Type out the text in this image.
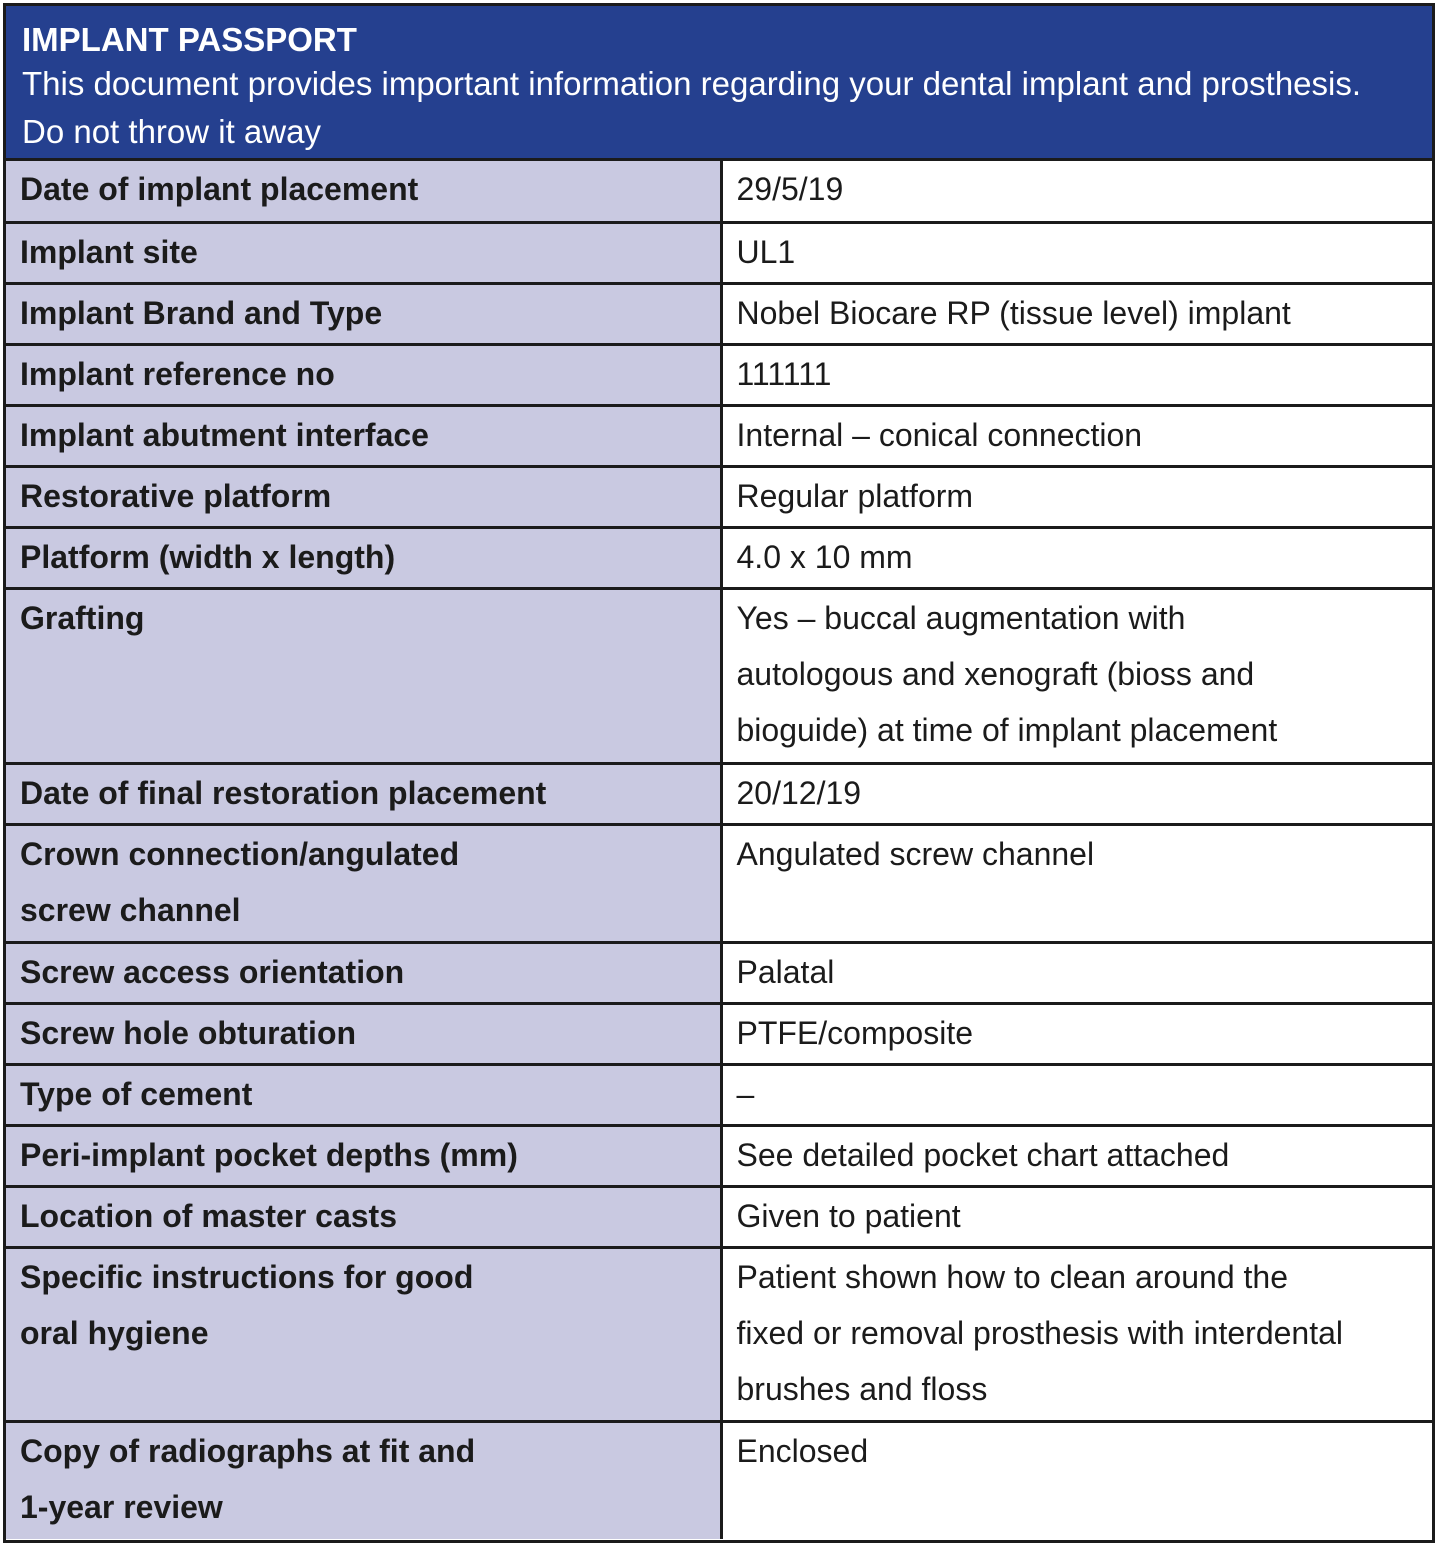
IMPLANT PASSPORT

This document provides important information regarding your dental implant and prosthesis. Do not throw it away

Date of implant placement	29/5/19
Implant site	UL1
Implant Brand and Type	Nobel Biocare RP (tissue level) implant
Implant reference no	111111
Implant abutment interface	Internal – conical connection
Restorative platform	Regular platform
Platform (width x length)	4.0 x 10 mm
Grafting	Yes – buccal augmentation with
autologous and xenograft (bioss and
bioguide) at time of implant placement
Date of final restoration placement	20/12/19
Crown connection/angulated
screw channel	Angulated screw channel
Screw access orientation	Palatal
Screw hole obturation	PTFE/composite
Type of cement	–
Peri-implant pocket depths (mm)	See detailed pocket chart attached
Location of master casts	Given to patient
Specific instructions for good
oral hygiene	Patient shown how to clean around the
fixed or removal prosthesis with interdental
brushes and floss
Copy of radiographs at fit and
1-year review	Enclosed
